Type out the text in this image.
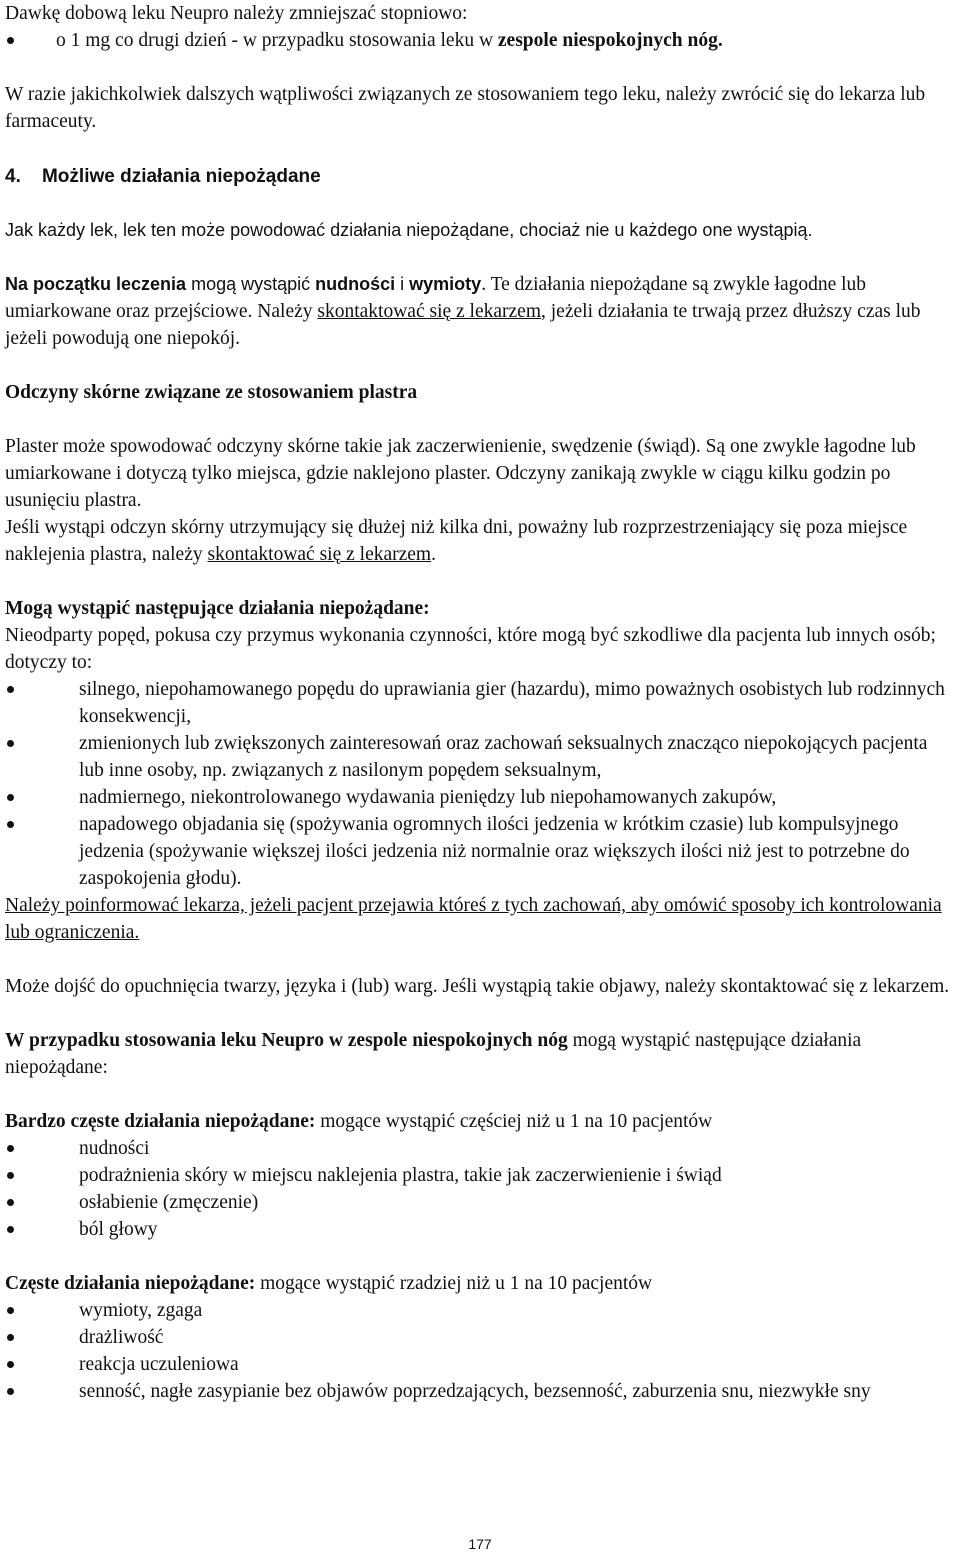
Dawkę dobową leku Neupro należy zmniejszać stopniowo:

o 1 mg co drugi dzień - w przypadku stosowania leku w zespole niespokojnych nóg.

W razie jakichkolwiek dalszych wątpliwości związanych ze stosowaniem tego leku, należy zwrócić się do lekarza lub farmaceuty.

4. Możliwe działania niepożądane

Jak każdy lek, lek ten może powodować działania niepożądane, chociaż nie u każdego one wystąpią.

Na początku leczenia mogą wystąpić nudności i wymioty. Te działania niepożądane są zwykle łagodne lub umiarkowane oraz przejściowe. Należy skontaktować się z lekarzem, jeżeli działania te trwają przez dłuższy czas lub jeżeli powodują one niepokój.

Odczyny skórne związane ze stosowaniem plastra

Plaster może spowodować odczyny skórne takie jak zaczerwienienie, swędzenie (świąd). Są one zwykle łagodne lub umiarkowane i dotyczą tylko miejsca, gdzie naklejono plaster. Odczyny zanikają zwykle w ciągu kilku godzin po usunięciu plastra.

Jeśli wystąpi odczyn skórny utrzymujący się dłużej niż kilka dni, poważny lub rozprzestrzeniający się poza miejsce naklejenia plastra, należy skontaktować się z lekarzem.

Mogą wystąpić następujące działania niepożądane:

Nieodparty popęd, pokusa czy przymus wykonania czynności, które mogą być szkodliwe dla pacjenta lub innych osób; dotyczy to:

silnego, niepohamowanego popędu do uprawiania gier (hazardu), mimo poważnych osobistych lub rodzinnych konsekwencji,
zmienionych lub zwiększonych zainteresowań oraz zachowań seksualnych znacząco niepokojących pacjenta lub inne osoby, np. związanych z nasilonym popędem seksualnym,
nadmiernego, niekontrolowanego wydawania pieniędzy lub niepohamowanych zakupów,
napadowego objadania się (spożywania ogromnych ilości jedzenia w krótkim czasie) lub kompulsyjnego jedzenia (spożywanie większej ilości jedzenia niż normalnie oraz większych ilości niż jest to potrzebne do zaspokojenia głodu).

Należy poinformować lekarza, jeżeli pacjent przejawia któreś z tych zachowań, aby omówić sposoby ich kontrolowania lub ograniczenia.

Może dojść do opuchnięcia twarzy, języka i (lub) warg. Jeśli wystąpią takie objawy, należy skontaktować się z lekarzem.

W przypadku stosowania leku Neupro w zespole niespokojnych nóg mogą wystąpić następujące działania niepożądane:

Bardzo częste działania niepożądane: mogące wystąpić częściej niż u 1 na 10 pacjentów

nudności
podrażnienia skóry w miejscu naklejenia plastra, takie jak zaczerwienienie i świąd
osłabienie (zmęczenie)
ból głowy

Częste działania niepożądane: mogące wystąpić rzadziej niż u 1 na 10 pacjentów

wymioty, zgaga
drażliwość
reakcja uczuleniowa
senność, nagłe zasypianie bez objawów poprzedzających, bezsenność, zaburzenia snu, niezwykłe sny
177
